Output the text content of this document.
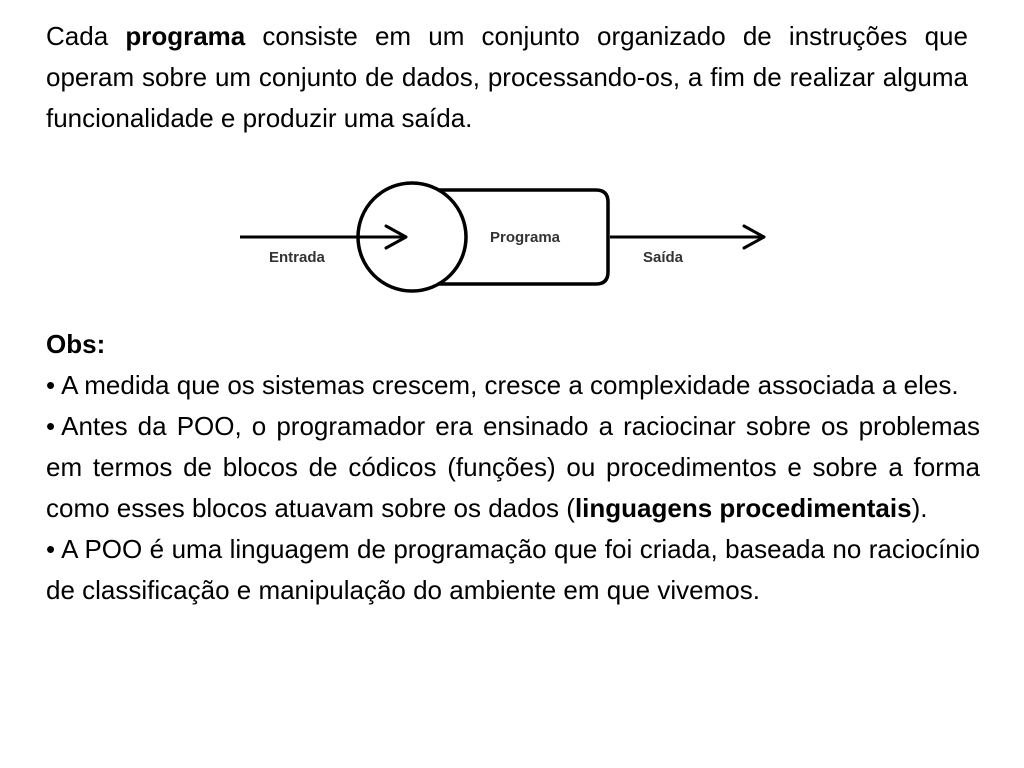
Cada programa consiste em um conjunto organizado de instruções que operam sobre um conjunto de dados, processando-os, a fim de realizar alguma funcionalidade e produzir uma saída.

Entrada
Programa
Saída

Obs:

• A medida que os sistemas crescem, cresce a complexidade associada a eles.
• Antes da POO, o programador era ensinado a raciocinar sobre os problemas em termos de blocos de códicos (funções) ou procedimentos e sobre a forma como esses blocos atuavam sobre os dados (linguagens procedimentais).
• A POO é uma linguagem de programação que foi criada, baseada no raciocínio de classificação e manipulação do ambiente em que vivemos.
